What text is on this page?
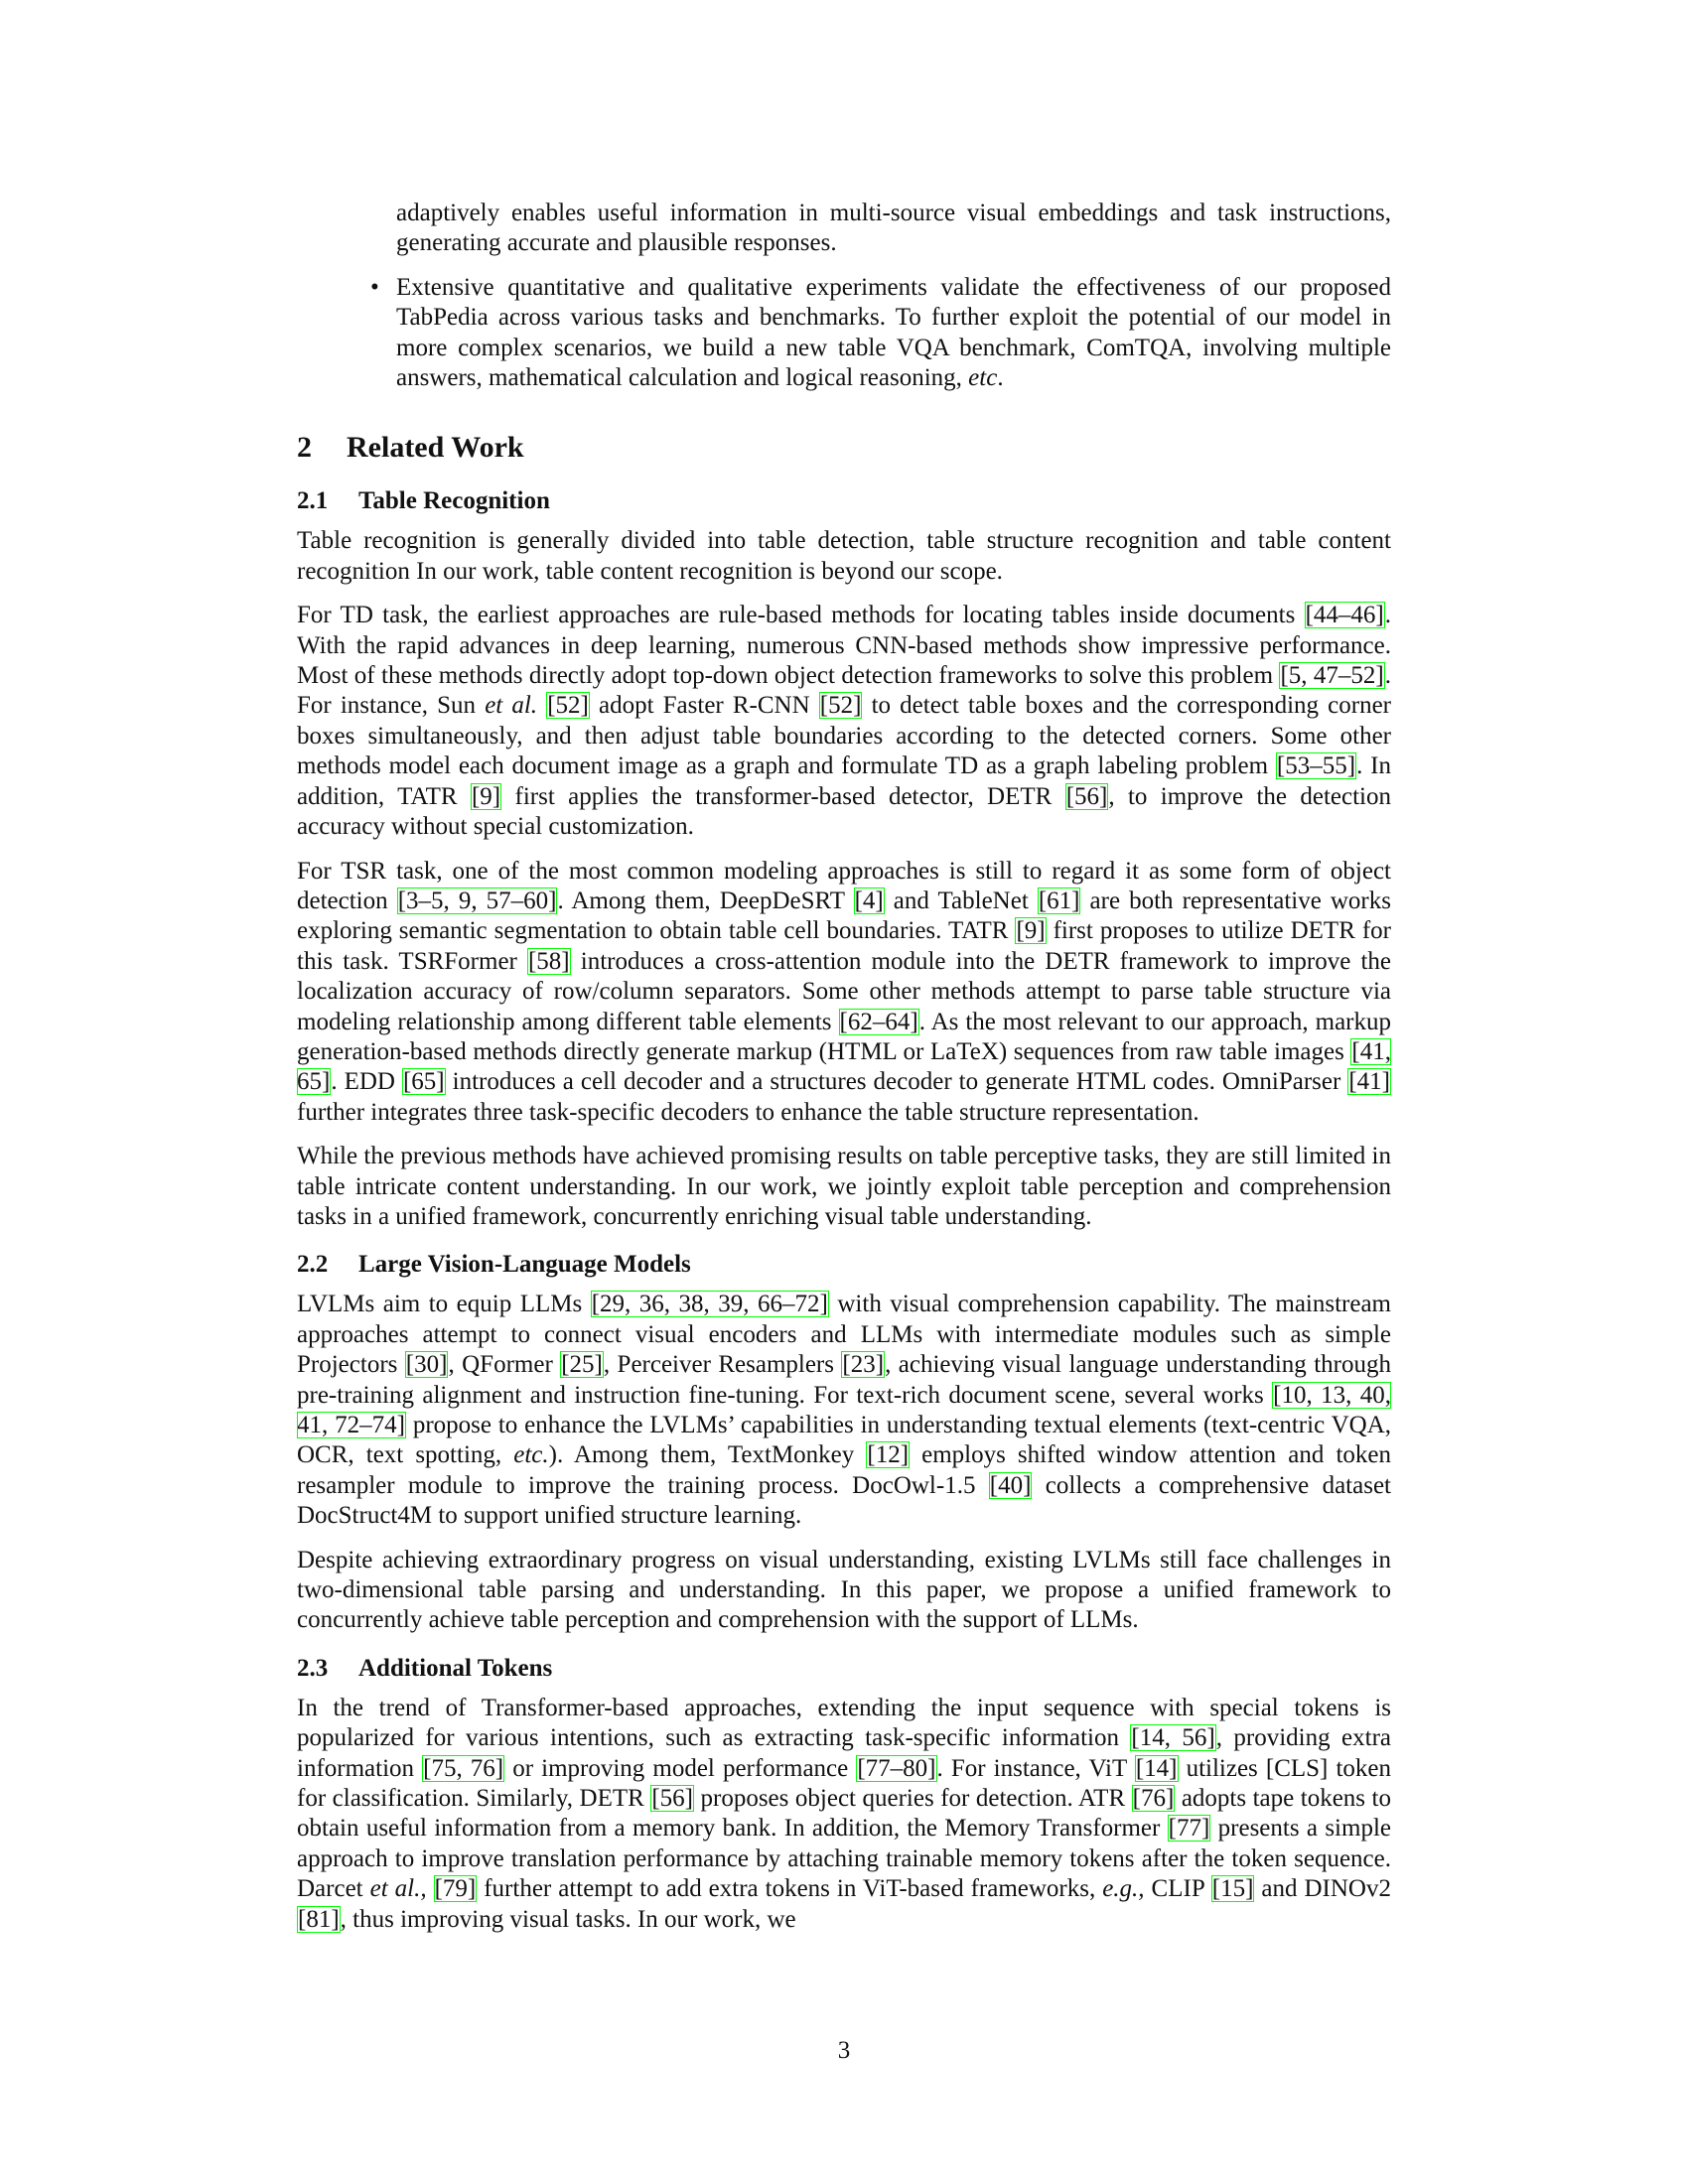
adaptively enables useful information in multi-source visual embeddings and task instructions, generating accurate and plausible responses.

• Extensive quantitative and qualitative experiments validate the effectiveness of our proposed TabPedia across various tasks and benchmarks. To further exploit the potential of our model in more complex scenarios, we build a new table VQA benchmark, ComTQA, involving multiple answers, mathematical calculation and logical reasoning, etc.

2 Related Work
2.1 Table Recognition

Table recognition is generally divided into table detection, table structure recognition and table content recognition In our work, table content recognition is beyond our scope.

For TD task, the earliest approaches are rule-based methods for locating tables inside documents [44–46]. With the rapid advances in deep learning, numerous CNN-based methods show impressive performance. Most of these methods directly adopt top-down object detection frameworks to solve this problem [5, 47–52]. For instance, Sun et al. [52] adopt Faster R-CNN [52] to detect table boxes and the corresponding corner boxes simultaneously, and then adjust table boundaries according to the detected corners. Some other methods model each document image as a graph and formulate TD as a graph labeling problem [53–55]. In addition, TATR [9] first applies the transformer-based detector, DETR [56], to improve the detection accuracy without special customization.

For TSR task, one of the most common modeling approaches is still to regard it as some form of object detection [3–5, 9, 57–60]. Among them, DeepDeSRT [4] and TableNet [61] are both representative works exploring semantic segmentation to obtain table cell boundaries. TATR [9] first proposes to utilize DETR for this task. TSRFormer [58] introduces a cross-attention module into the DETR framework to improve the localization accuracy of row/column separators. Some other methods attempt to parse table structure via modeling relationship among different table elements [62–64]. As the most relevant to our approach, markup generation-based methods directly generate markup (HTML or LaTeX) sequences from raw table images [41, 65]. EDD [65] introduces a cell decoder and a structures decoder to generate HTML codes. OmniParser [41] further integrates three task-specific decoders to enhance the table structure representation.

While the previous methods have achieved promising results on table perceptive tasks, they are still limited in table intricate content understanding. In our work, we jointly exploit table perception and comprehension tasks in a unified framework, concurrently enriching visual table understanding.

2.2 Large Vision-Language Models

LVLMs aim to equip LLMs [29, 36, 38, 39, 66–72] with visual comprehension capability. The mainstream approaches attempt to connect visual encoders and LLMs with intermediate modules such as simple Projectors [30], QFormer [25], Perceiver Resamplers [23], achieving visual language understanding through pre-training alignment and instruction fine-tuning. For text-rich document scene, several works [10, 13, 40, 41, 72–74] propose to enhance the LVLMs’ capabilities in understanding textual elements (text-centric VQA, OCR, text spotting, etc.). Among them, TextMonkey [12] employs shifted window attention and token resampler module to improve the training process. DocOwl-1.5 [40] collects a comprehensive dataset DocStruct4M to support unified structure learning.

Despite achieving extraordinary progress on visual understanding, existing LVLMs still face challenges in two-dimensional table parsing and understanding. In this paper, we propose a unified framework to concurrently achieve table perception and comprehension with the support of LLMs.

2.3 Additional Tokens

In the trend of Transformer-based approaches, extending the input sequence with special tokens is popularized for various intentions, such as extracting task-specific information [14, 56], providing extra information [75, 76] or improving model performance [77–80]. For instance, ViT [14] utilizes [CLS] token for classification. Similarly, DETR [56] proposes object queries for detection. ATR [76] adopts tape tokens to obtain useful information from a memory bank. In addition, the Memory Transformer [77] presents a simple approach to improve translation performance by attaching trainable memory tokens after the token sequence. Darcet et al., [79] further attempt to add extra tokens in ViT-based frameworks, e.g., CLIP [15] and DINOv2 [81], thus improving visual tasks. In our work, we

3
